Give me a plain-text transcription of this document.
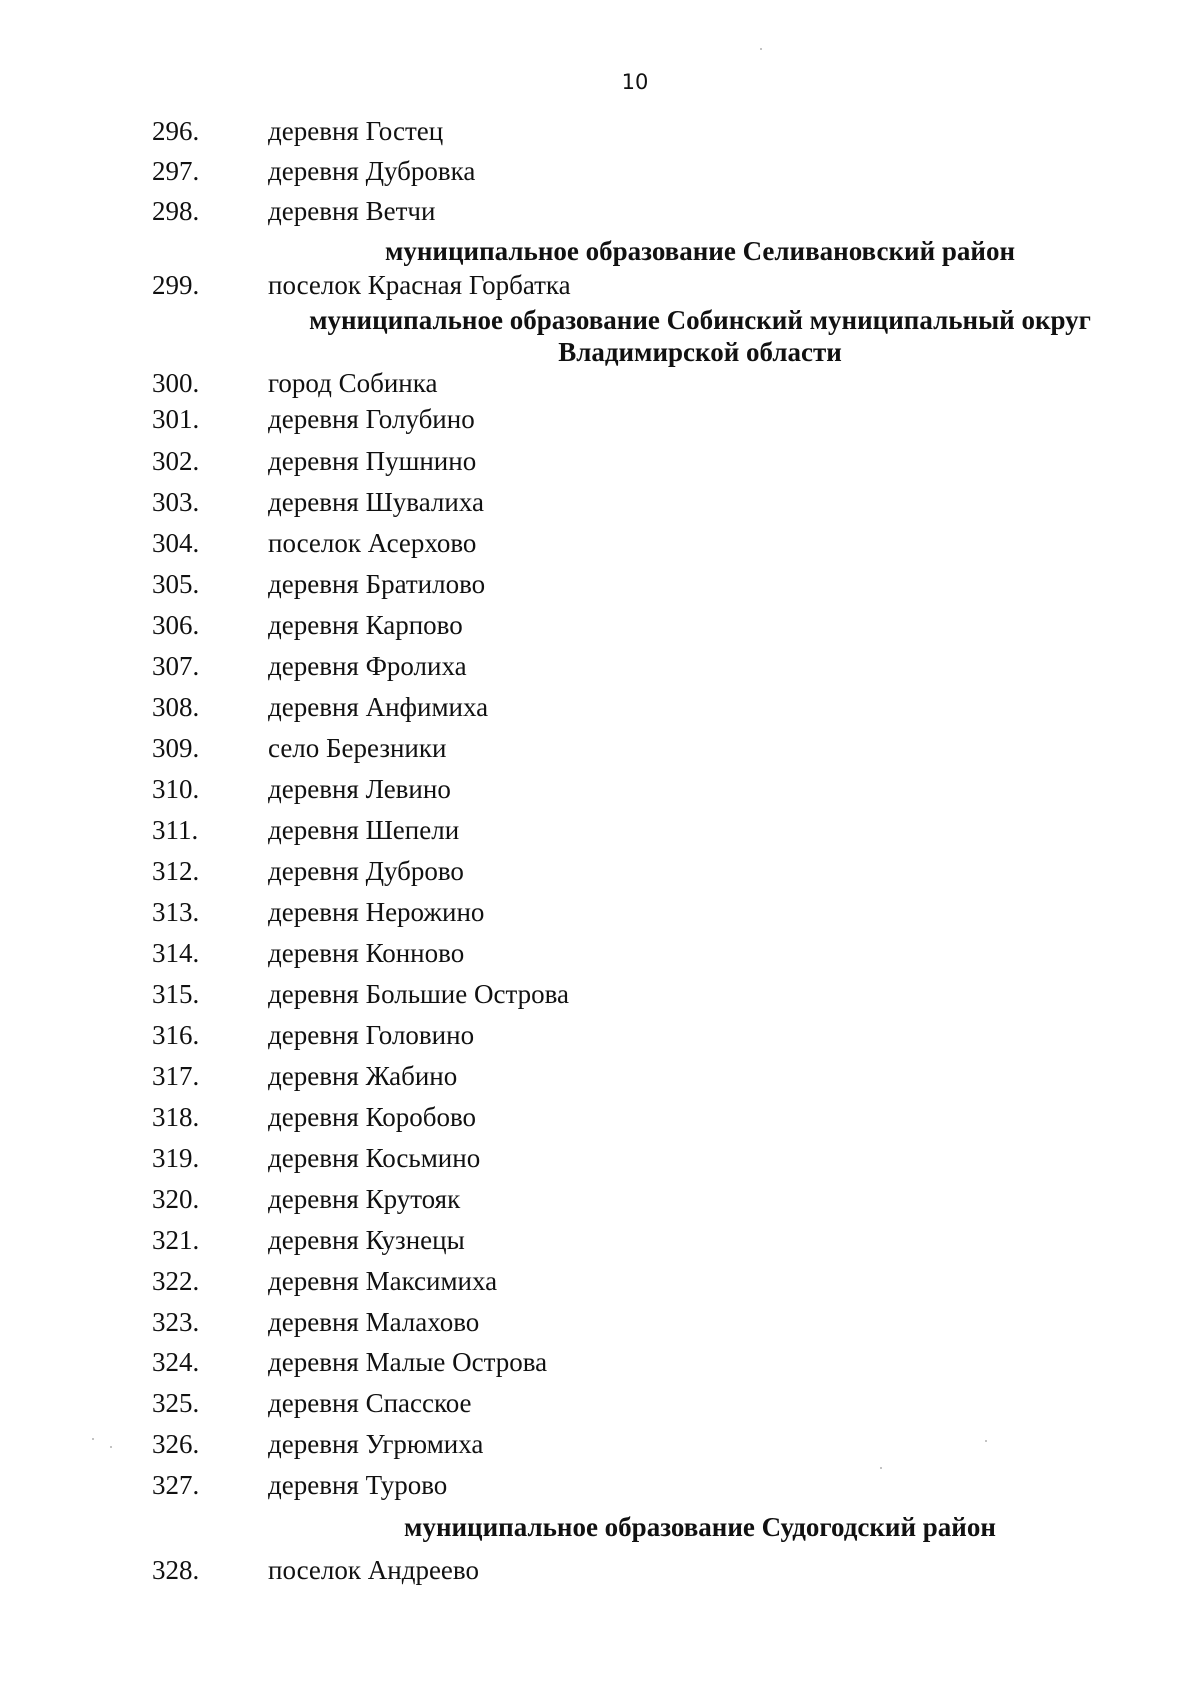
10
муниципальное образование Селивановский район
муниципальное образование Собинский муниципальный округ
Владимирской области
муниципальное образование Судогодский район
296.	деревня Гостец
297.	деревня Дубровка
298.	деревня Ветчи
299.	поселок Красная Горбатка
300.	город Собинка
301.	деревня Голубино
302.	деревня Пушнино
303.	деревня Шувалиха
304.	поселок Асерхово
305.	деревня Братилово
306.	деревня Карпово
307.	деревня Фролиха
308.	деревня Анфимиха
309.	село Березники
310.	деревня Левино
311.	деревня Шепели
312.	деревня Дуброво
313.	деревня Нерожино
314.	деревня Конново
315.	деревня Большие Острова
316.	деревня Головино
317.	деревня Жабино
318.	деревня Коробово
319.	деревня Косьмино
320.	деревня Крутояк
321.	деревня Кузнецы
322.	деревня Максимиха
323.	деревня Малахово
324.	деревня Малые Острова
325.	деревня Спасское
326.	деревня Угрюмиха
327.	деревня Турово
328.	поселок Андреево
